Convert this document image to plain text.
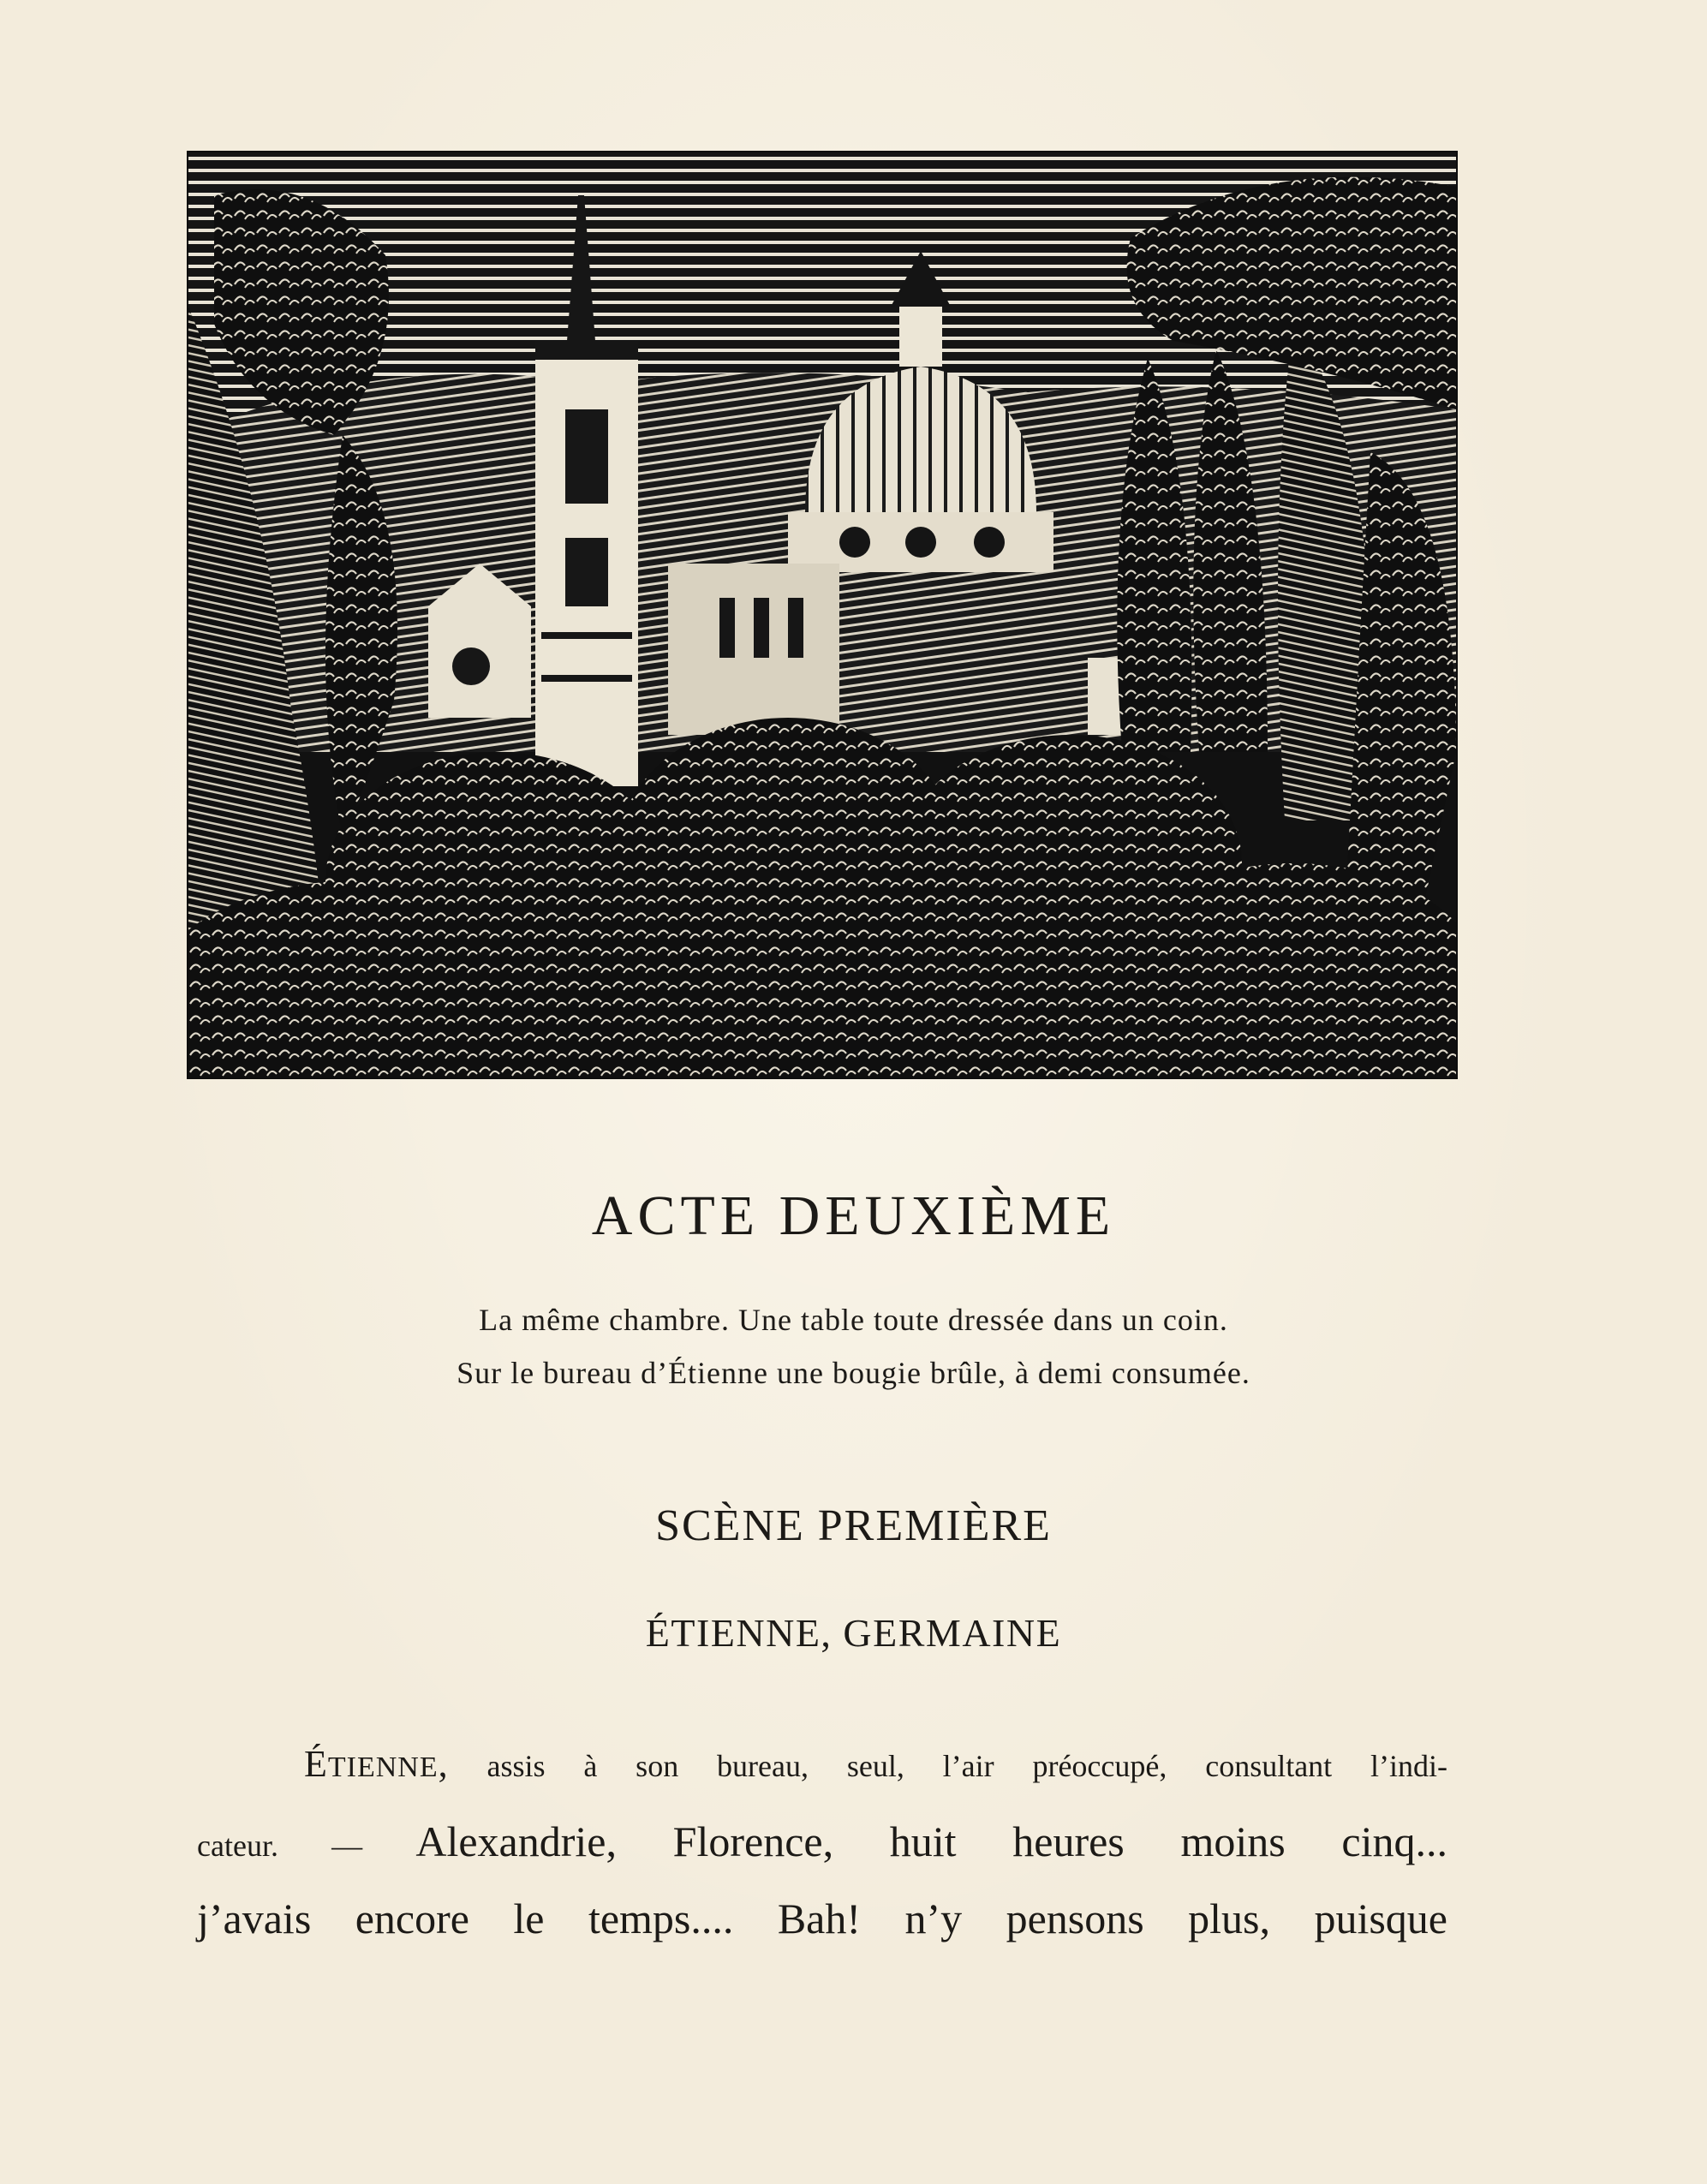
ACTE DEUXIÈME
La même chambre. Une table toute dressée dans un coin.
Sur le bureau d’Étienne une bougie brûle, à demi consumée.
SCÈNE PREMIÈRE
ÉTIENNE, GERMAINE
ÉTIENNE, assis à son bureau, seul, l’air préoccupé, consultant l’indi-
cateur. — Alexandrie, Florence, huit heures moins cinq...
j’avais encore le temps.... Bah! n’y pensons plus, puisque
